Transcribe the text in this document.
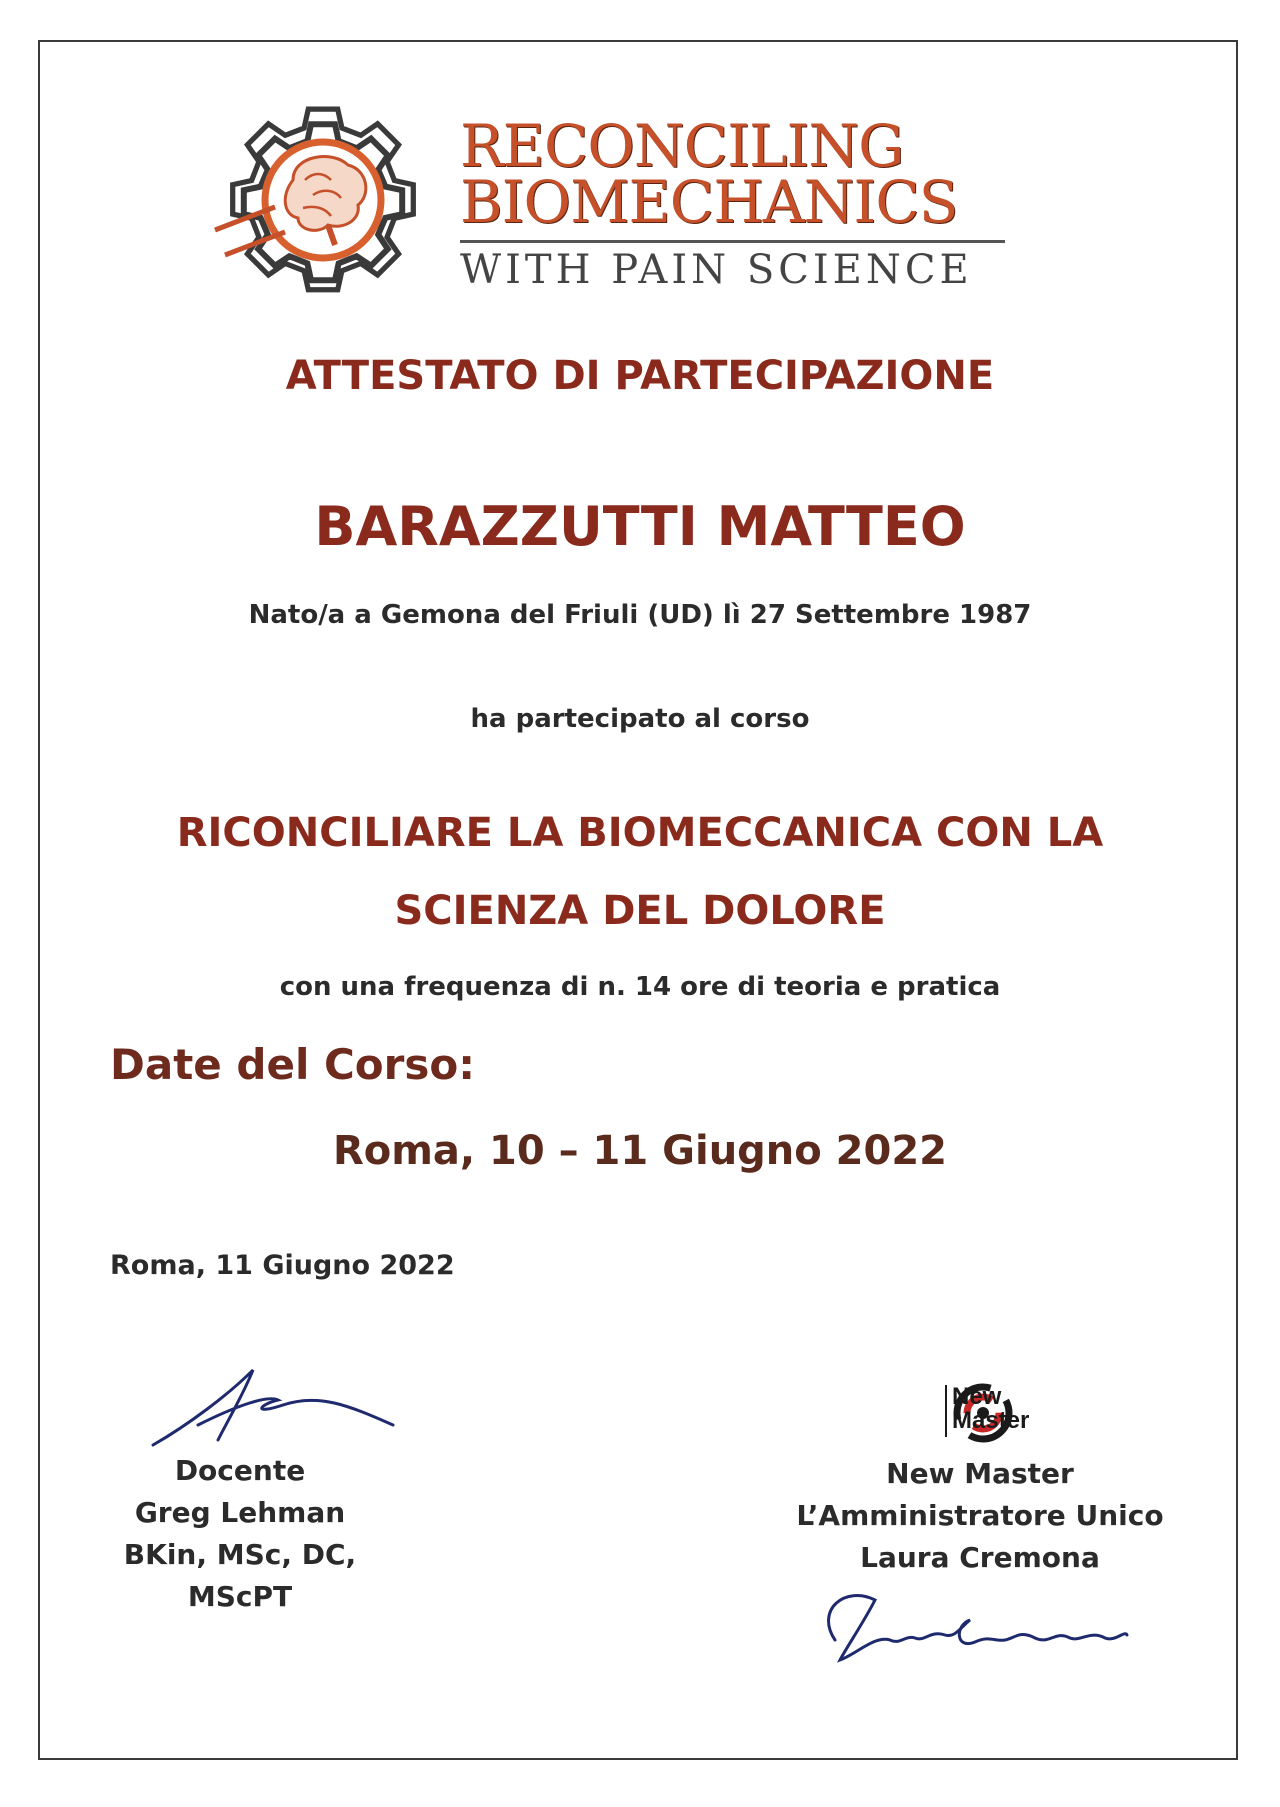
RECONCILING
BIOMECHANICS
WITH PAIN SCIENCE
ATTESTATO DI PARTECIPAZIONE
BARAZZUTTI MATTEO
Nato/a a Gemona del Friuli (UD) lì 27 Settembre 1987
ha partecipato al corso
RICONCILIARE LA BIOMECCANICA CON LA
SCIENZA DEL DOLORE
con una frequenza di n. 14 ore di teoria e pratica
Date del Corso:
Roma, 10 – 11 Giugno 2022
Roma, 11 Giugno 2022
Docente
Greg Lehman
BKin, MSc, DC, MScPT
New
Master
New Master
L’Amministratore Unico
Laura Cremona
